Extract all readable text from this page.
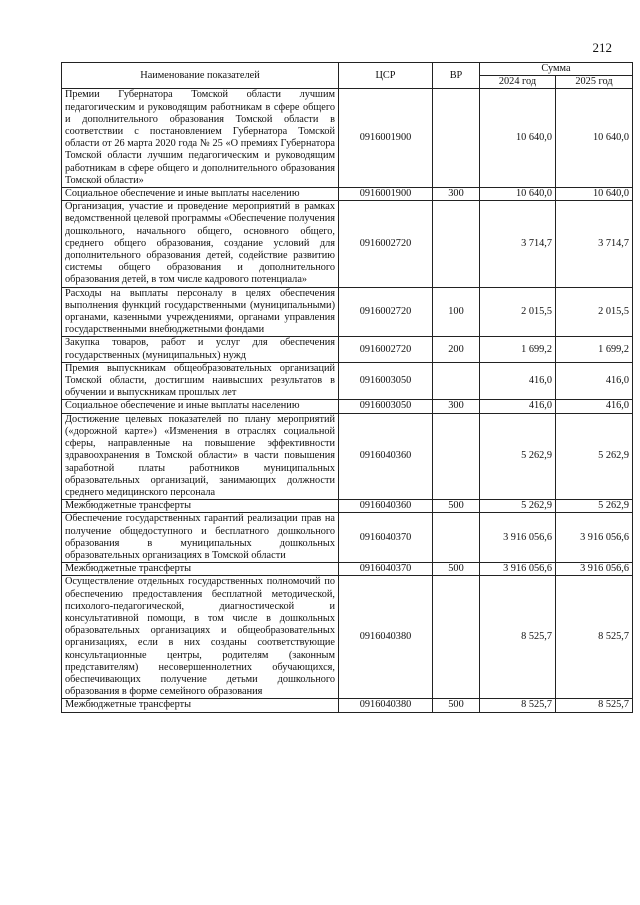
212
Наименование показателей	ЦСР	ВР	Сумма	
			2024 год	2025 год
Премии Губернатора Томской области лучшим педагогическим и руководящим работникам в сфере общего и дополнительного образования Томской области в соответствии с постановлением Губернатора Томской области от 26 марта 2020 года № 25 «О премиях Губернатора Томской области лучшим педагогическим и руководящим работникам в сфере общего и дополнительного образования Томской области»	0916001900		10 640,0	10 640,0
Социальное обеспечение и иные выплаты населению	0916001900	300	10 640,0	10 640,0
Организация, участие и проведение мероприятий в рамках ведомственной целевой программы «Обеспечение получения дошкольного, начального общего, основного общего, среднего общего образования, создание условий для дополнительного образования детей, содействие развитию системы общего образования и дополнительного образования детей, в том числе кадрового потенциала»	0916002720		3 714,7	3 714,7
Расходы на выплаты персоналу в целях обеспечения выполнения функций государственными (муниципальными) органами, казенными учреждениями, органами управления государственными внебюджетными фондами	0916002720	100	2 015,5	2 015,5
Закупка товаров, работ и услуг для обеспечения государственных (муниципальных) нужд	0916002720	200	1 699,2	1 699,2
Премия выпускникам общеобразовательных организаций Томской области, достигшим наивысших результатов в обучении и выпускникам прошлых лет	0916003050		416,0	416,0
Социальное обеспечение и иные выплаты населению	0916003050	300	416,0	416,0
Достижение целевых показателей по плану мероприятий («дорожной карте») «Изменения в отраслях социальной сферы, направленные на повышение эффективности здравоохранения в Томской области» в части повышения заработной платы работников муниципальных образовательных организаций, занимающих должности среднего медицинского персонала	0916040360		5 262,9	5 262,9
Межбюджетные трансферты	0916040360	500	5 262,9	5 262,9
Обеспечение государственных гарантий реализации прав на получение общедоступного и бесплатного дошкольного образования в муниципальных дошкольных образовательных организациях в Томской области	0916040370		3 916 056,6	3 916 056,6
Межбюджетные трансферты	0916040370	500	3 916 056,6	3 916 056,6
Осуществление отдельных государственных полномочий по обеспечению предоставления бесплатной методической, психолого-педагогической, диагностической и консультативной помощи, в том числе в дошкольных образовательных организациях и общеобразовательных организациях, если в них созданы соответствующие консультационные центры, родителям (законным представителям) несовершеннолетних обучающихся, обеспечивающих получение детьми дошкольного образования в форме семейного образования	0916040380		8 525,7	8 525,7
Межбюджетные трансферты	0916040380	500	8 525,7	8 525,7
